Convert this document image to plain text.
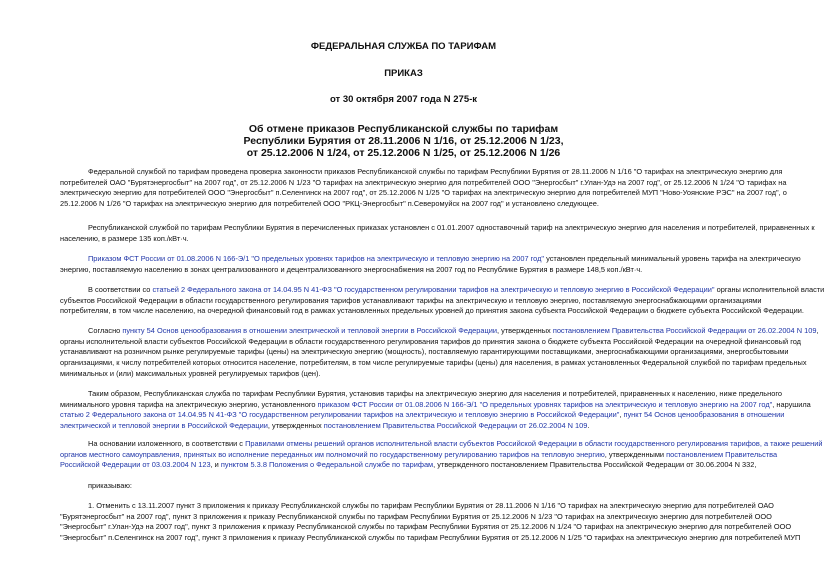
ФЕДЕРАЛЬНАЯ СЛУЖБА ПО ТАРИФАМ
ПРИКАЗ
от 30 октября 2007 года N 275-к
Об отмене приказов Республиканской службы по тарифам
Республики Бурятия от 28.11.2006 N 1/16, от 25.12.2006 N 1/23,
от 25.12.2006 N 1/24, от 25.12.2006 N 1/25, от 25.12.2006 N 1/26
Федеральной службой по тарифам проведена проверка законности приказов Республиканской службы по тарифам Республики Бурятия от 28.11.2006 N 1/16 "О тарифах на электрическую энергию для
потребителей ОАО "Бурятэнергосбыт" на 2007 год", от 25.12.2006 N 1/23 "О тарифах на электрическую энергию для потребителей ООО "Энергосбыт" г.Улан-Удэ на 2007 год", от 25.12.2006 N 1/24 "О тарифах на
электрическую энергию для потребителей ООО "Энергосбыт" п.Селенгинск на 2007 год", от 25.12.2006 N 1/25 "О тарифах на электрическую энергию для потребителей МУП "Ново-Уоянские РЭС" на 2007 год", о
25.12.2006 N 1/26 "О тарифах на электрическую энергию для потребителей ООО "РКЦ-Энергосбыт" п.Северомуйск на 2007 год" и установлено следующее.
Республиканской службой по тарифам Республики Бурятия в перечисленных приказах установлен с 01.01.2007 одноставочный тариф на электрическую энергию для населения и потребителей, приравненных к
населению, в размере 135 коп./кВт·ч.
Приказом ФСТ России от 01.08.2006 N 166-Э/1 "О предельных уровнях тарифов на электрическую и тепловую энергию на 2007 год" установлен предельный минимальный уровень тарифа на электрическую
энергию, поставляемую населению в зонах централизованного и децентрализованного энергоснабжения на 2007 год по Республике Бурятия в размере 148,5 коп./кВт·ч.
В соответствии со статьей 2 Федерального закона от 14.04.95 N 41-ФЗ "О государственном регулировании тарифов на электрическую и тепловую энергию в Российской Федерации" органы исполнительной власти
субъектов Российской Федерации в области государственного регулирования тарифов устанавливают тарифы на электрическую и тепловую энергию, поставляемую энергоснабжающими организациями
потребителям, в том числе населению, на очередной финансовый год в рамках установленных предельных уровней до принятия закона субъекта Российской Федерации о бюджете субъекта Российской Федерации.
Согласно пункту 54 Основ ценообразования в отношении электрической и тепловой энергии в Российской Федерации, утвержденных постановлением Правительства Российской Федерации от 26.02.2004 N 109,
органы исполнительной власти субъектов Российской Федерации в области государственного регулирования тарифов до принятия закона о бюджете субъекта Российской Федерации на очередной финансовый год
устанавливают на розничном рынке регулируемые тарифы (цены) на электрическую энергию (мощность), поставляемую гарантирующими поставщиками, энергоснабжающими организациями, энергосбытовыми
организациями, к числу потребителей которых относится население, потребителям, в том числе регулируемые тарифы (цены) для населения, в рамках установленных Федеральной службой по тарифам предельных
минимальных и (или) максимальных уровней регулируемых тарифов (цен).
Таким образом, Республиканская служба по тарифам Республики Бурятия, установив тарифы на электрическую энергию для населения и потребителей, приравненных к населению, ниже предельного
минимального уровня тарифа на электрическую энергию, установленного приказом ФСТ России от 01.08.2006 N 166-Э/1 "О предельных уровнях тарифов на электрическую и тепловую энергию на 2007 год", нарушила
статью 2 Федерального закона от 14.04.95 N 41-ФЗ "О государственном регулировании тарифов на электрическую и тепловую энергию в Российской Федерации", пункт 54 Основ ценообразования в отношении
электрической и тепловой энергии в Российской Федерации, утвержденных постановлением Правительства Российской Федерации от 26.02.2004 N 109.
На основании изложенного, в соответствии с Правилами отмены решений органов исполнительной власти субъектов Российской Федерации в области государственного регулирования тарифов, а также решений
органов местного самоуправления, принятых во исполнение переданных им полномочий по государственному регулированию тарифов на тепловую энергию, утвержденными постановлением Правительства
Российской Федерации от 03.03.2004 N 123, и пунктом 5.3.8 Положения о Федеральной службе по тарифам, утвержденного постановлением Правительства Российской Федерации от 30.06.2004 N 332,
приказываю:
1. Отменить с 13.11.2007 пункт 3 приложения к приказу Республиканской службы по тарифам Республики Бурятия от 28.11.2006 N 1/16 "О тарифах на электрическую энергию для потребителей ОАО
"Бурятэнергосбыт" на 2007 год", пункт 3 приложения к приказу Республиканской службы по тарифам Республики Бурятия от 25.12.2006 N 1/23 "О тарифах на электрическую энергию для потребителей ООО
"Энергосбыт" г.Улан-Удэ на 2007 год", пункт 3 приложения к приказу Республиканской службы по тарифам Республики Бурятия от 25.12.2006 N 1/24 "О тарифах на электрическую энергию для потребителей ООО
"Энергосбыт" п.Селенгинск на 2007 год", пункт 3 приложения к приказу Республиканской службы по тарифам Республики Бурятия от 25.12.2006 N 1/25 "О тарифах на электрическую энергию для потребителей МУП
